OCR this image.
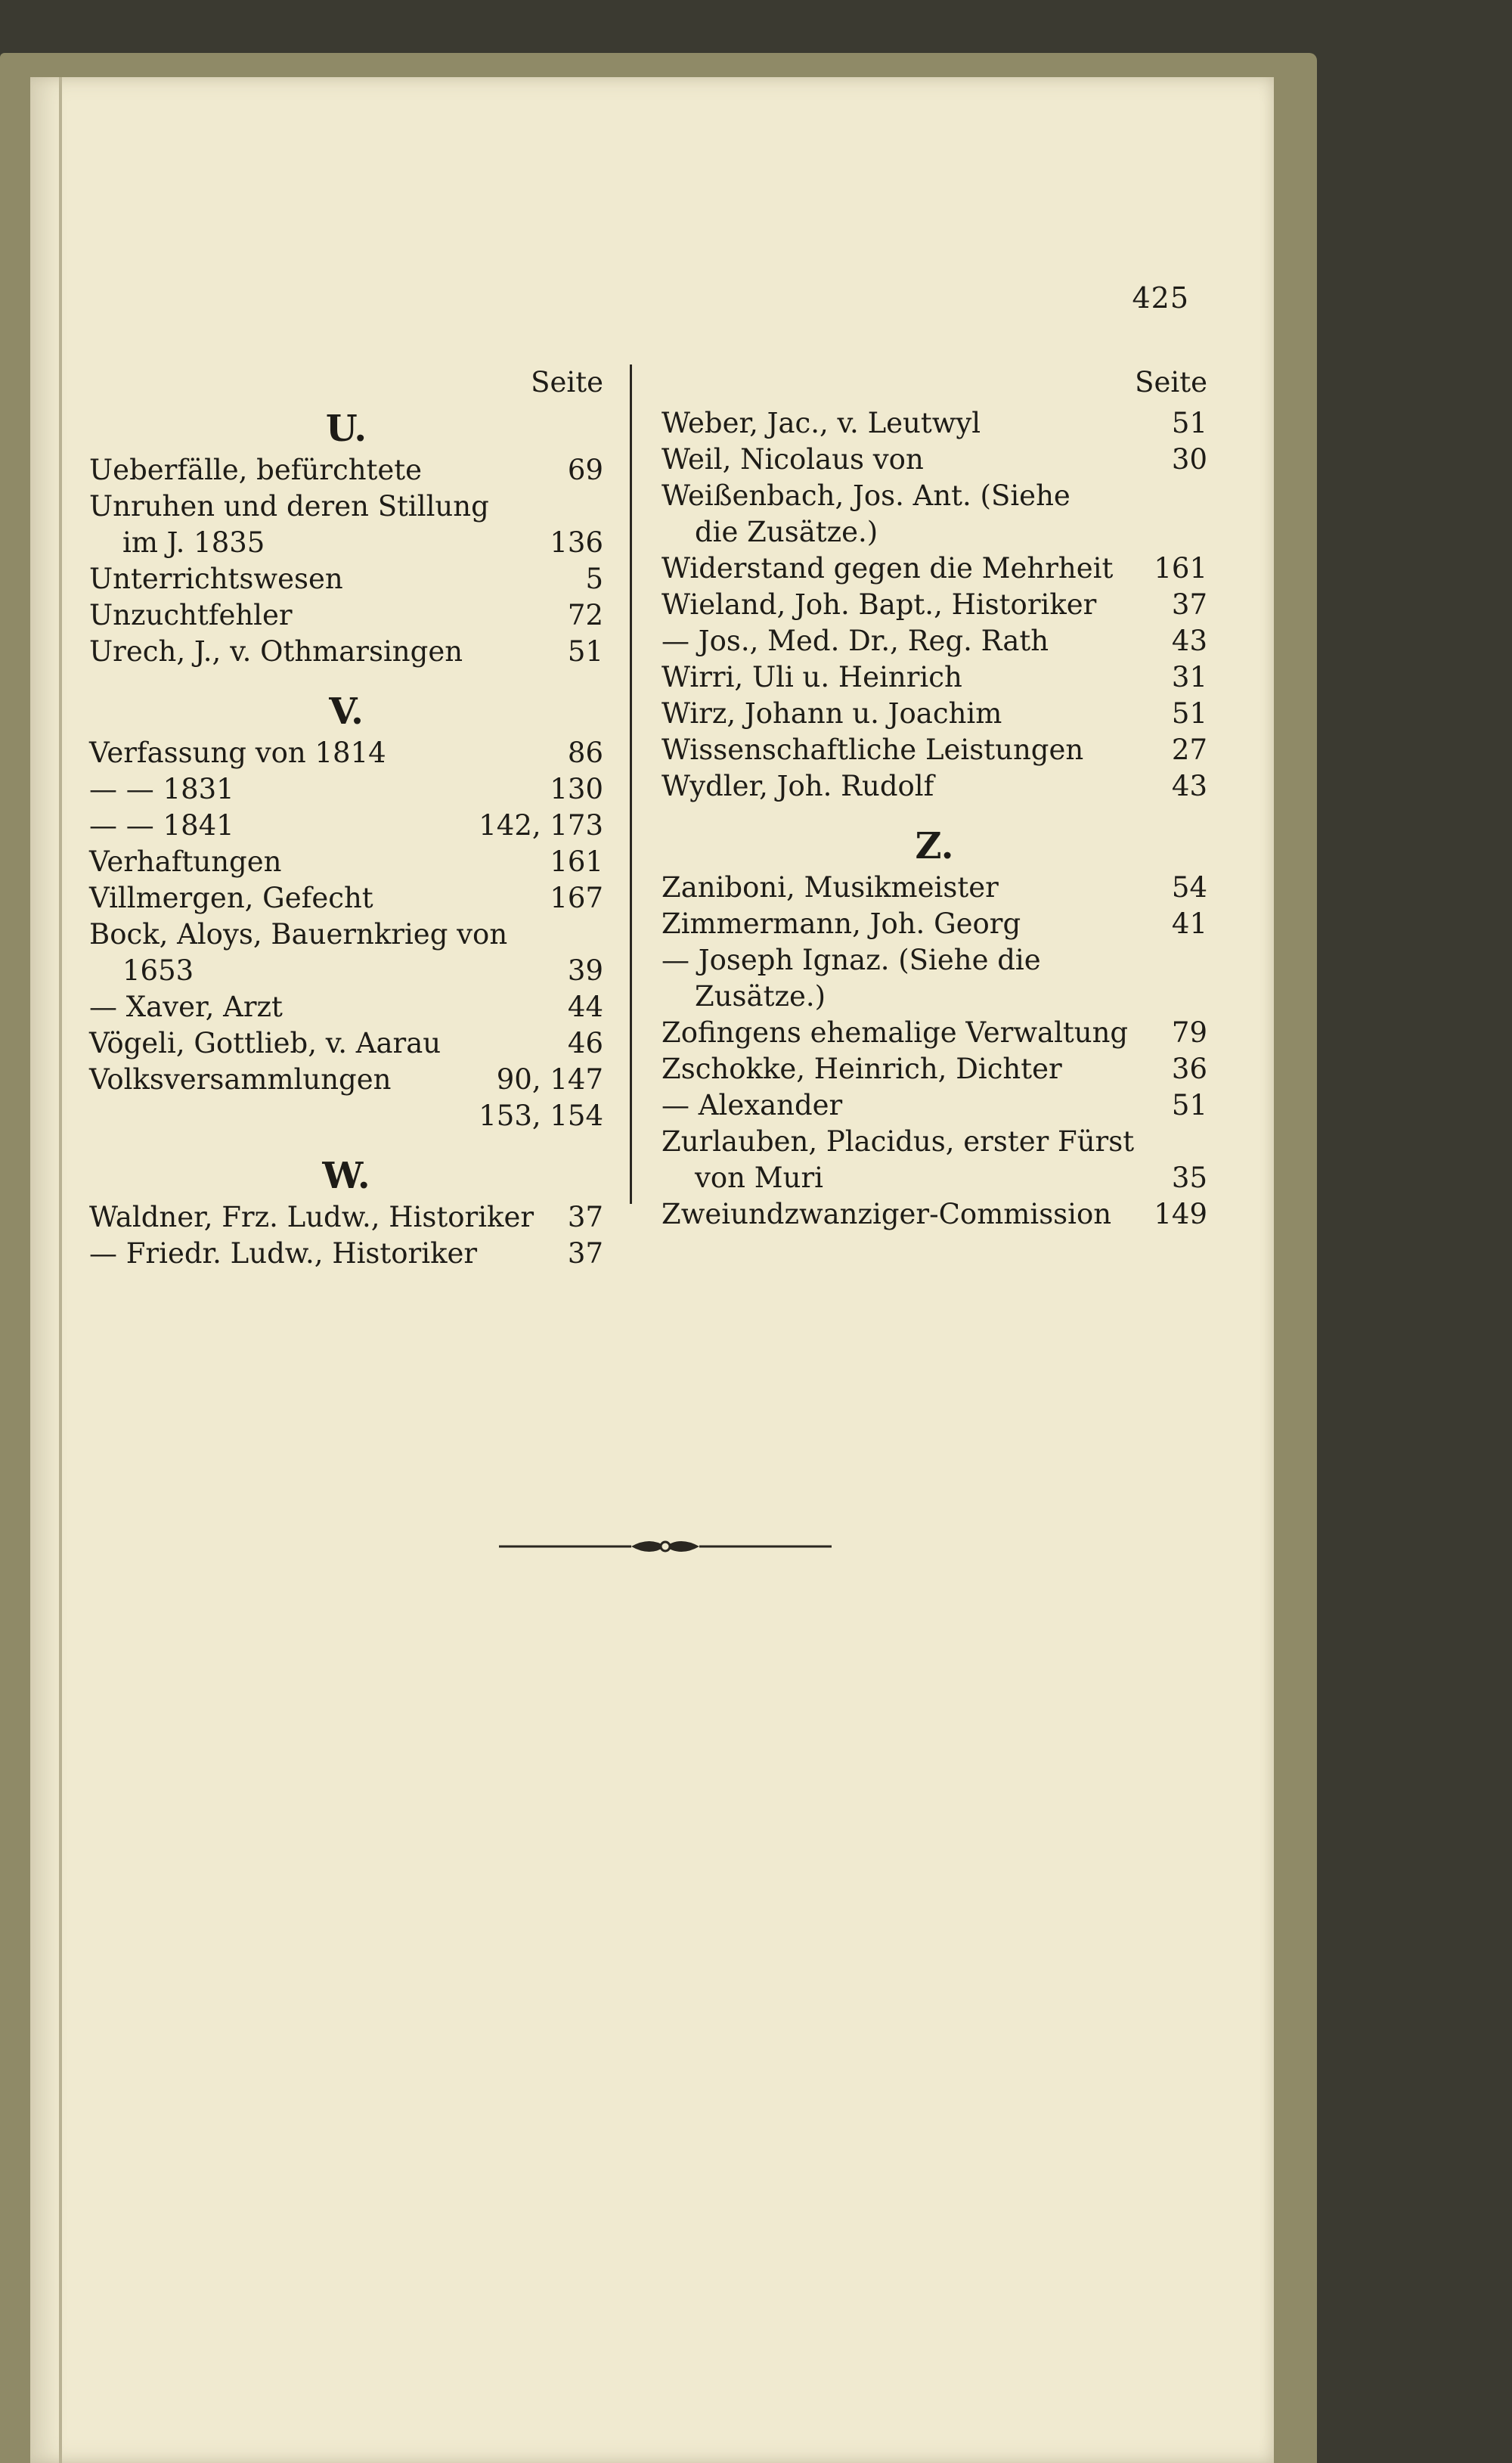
425
Seite
U.
Ueberfälle, befürchtete	69
Unruhen und deren Stillung
im J. 1835	136
Unterrichtswesen	5
Unzuchtfehler	72
Urech, J., v. Othmarsingen	51
V.
Verfassung von 1814	86
— — 1831	130
— — 1841	142, 173
Verhaftungen	161
Villmergen, Gefecht	167
Bock, Aloys, Bauernkrieg von
1653	39
— Xaver, Arzt	44
Vögeli, Gottlieb, v. Aarau	46
Volksversammlungen	90, 147
153, 154
W.
Waldner, Frz. Ludw., Historiker 37
— Friedr. Ludw., Historiker	37
Seite
Weber, Jac., v. Leutwyl	51
Weil, Nicolaus von	30
Weißenbach, Jos. Ant. (Siehe
die Zusätze.)
Widerstand gegen die Mehrheit 161
Wieland, Joh. Bapt., Historiker	37
— Jos., Med. Dr., Reg. Rath	43
Wirri, Uli u. Heinrich	31
Wirz, Johann u. Joachim	51
Wissenschaftliche Leistungen	27
Wydler, Joh. Rudolf	43
Z.
Zaniboni, Musikmeister	54
Zimmermann, Joh. Georg	41
— Joseph Ignaz. (Siehe die
Zusätze.)
Zofingens ehemalige Verwaltung 79
Zschokke, Heinrich, Dichter	36
— Alexander	51
Zurlauben, Placidus, erster Fürst
von Muri	35
Zweiundzwanziger-Commission 149
